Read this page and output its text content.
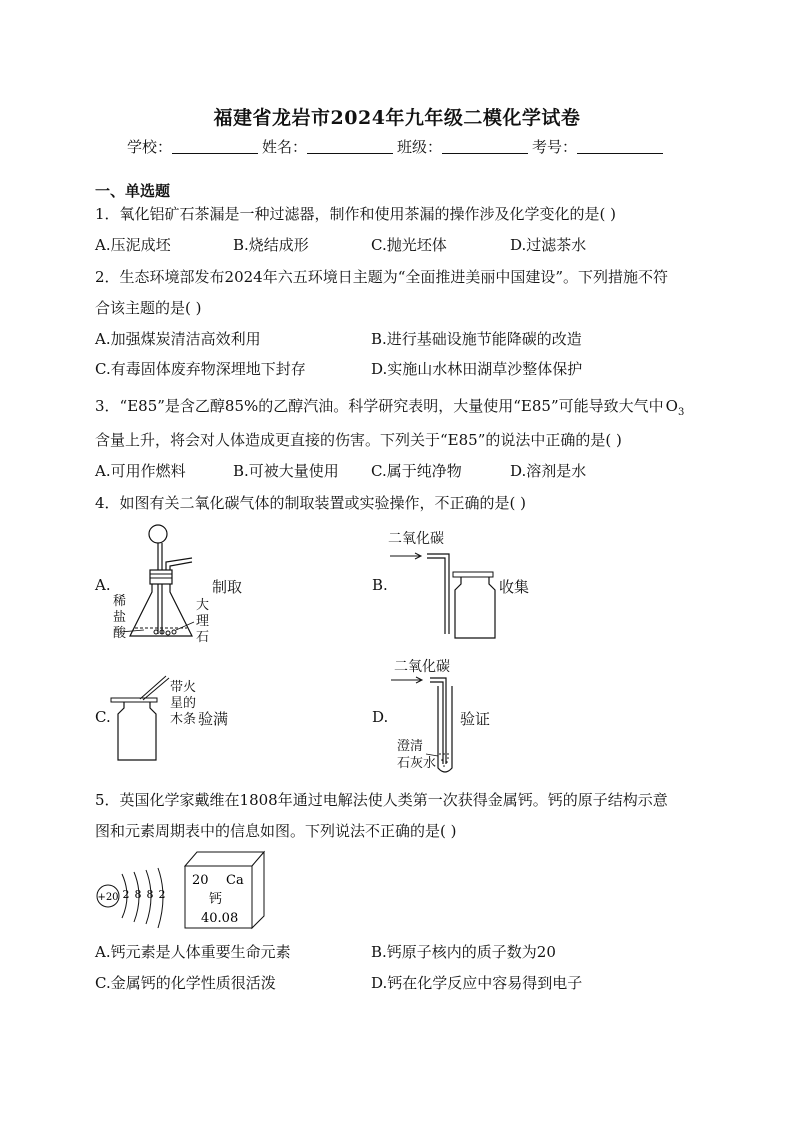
福建省龙岩市2024年九年级二模化学试卷
学校：	姓名：	班级：	考号：
一、单选题
1．氧化铝矿石茶漏是一种过滤器，制作和使用茶漏的操作涉及化学变化的是( )
A.压泥成坯	B.烧结成形	C.抛光坯体	D.过滤茶水
2．生态环境部发布2024年六五环境日主题为“全面推进美丽中国建设”。下列措施不符
合该主题的是( )
A.加强煤炭清洁高效利用	B.进行基础设施节能降碳的改造
C.有毒固体废弃物深埋地下封存	D.实施山水林田湖草沙整体保护
3．“E85”是含乙醇85%的乙醇汽油。科学研究表明，大量使用“E85”可能导致大气中 $O_3$
含量上升，将会对人体造成更直接的伤害。下列关于“E85”的说法中正确的是( )
A.可用作燃料	B.可被大量使用 C.属于纯净物	D.溶剂是水
4．如图有关二氧化碳气体的制取装置或实验操作，不正确的是( )
A.
稀
盐
酸
大
理
石
制取	B.
二氧化碳
收集
C.
带火
星的
木条 验满	D.
二氧化碳
澄清
石灰水
验证
5．英国化学家戴维在1808年通过电解法使人类第一次获得金属钙。钙的原子结构示意
图和元素周期表中的信息如图。下列说法不正确的是( )
+20 2 8 8 2
20 Ca
钙
40.08
A.钙元素是人体重要生命元素	B.钙原子核内的质子数为20
C.金属钙的化学性质很活泼	D.钙在化学反应中容易得到电子
